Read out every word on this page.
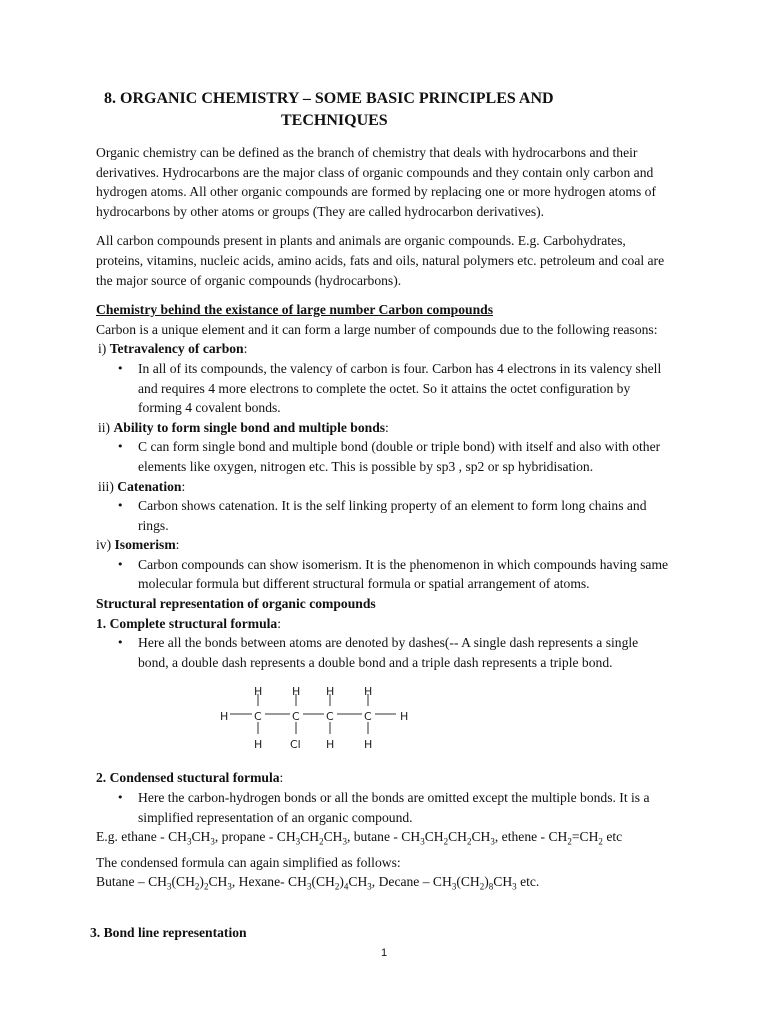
8. ORGANIC CHEMISTRY – SOME BASIC PRINCIPLES AND
TECHNIQUES

Organic chemistry can be defined as the branch of chemistry that deals with hydrocarbons and their derivatives. Hydrocarbons are the major class of organic compounds and they contain only carbon and hydrogen atoms. All other organic compounds are formed by replacing one or more hydrogen atoms of hydrocarbons by other atoms or groups (They are called hydrocarbon derivatives).

All carbon compounds present in plants and animals are organic compounds. E.g. Carbohydrates, proteins, vitamins, nucleic acids, amino acids, fats and oils, natural polymers etc. petroleum and coal are the major source of organic compounds (hydrocarbons).

Chemistry behind the existance of large number Carbon compounds

Carbon is a unique element and it can form a large number of compounds due to the following reasons:

i) Tetravalency of carbon:

• In all of its compounds, the valency of carbon is four. Carbon has 4 electrons in its valency shell and requires 4 more electrons to complete the octet. So it attains the octet configuration by forming 4 covalent bonds.

ii) Ability to form single bond and multiple bonds:

• C can form single bond and multiple bond (double or triple bond) with itself and also with other elements like oxygen, nitrogen etc. This is possible by sp3 , sp2 or sp hybridisation.

iii) Catenation:

• Carbon shows catenation. It is the self linking property of an element to form long chains and rings.

iv) Isomerism:

• Carbon compounds can show isomerism. It is the phenomenon in which compounds having same molecular formula but different structural formula or spatial arrangement of atoms.

Structural representation of organic compounds

1. Complete structural formula:

• Here all the bonds between atoms are denoted by dashes(-- A single dash represents a single bond, a double dash represents a double bond and a triple dash represents a triple bond.
H	H H	H
H C	C C	C	H
H	Cl H	H

2. Condensed stuctural formula:

• Here the carbon-hydrogen bonds or all the bonds are omitted except the multiple bonds. It is a simplified representation of an organic compound.

E.g. ethane - $CH_3CH_3$, propane - $CH_3CH_2CH_3$, butane - $CH_3CH_2CH_2CH_3$, ethene - $CH_2=CH_2$ etc

The condensed formula can again simplified as follows:

Butane – $CH_3(CH_2)_2CH_3$, Hexane- $CH_3(CH_2)_4CH_3$, Decane – $CH_3(CH_2)_8CH_3$ etc.

3. Bond line representation
1
